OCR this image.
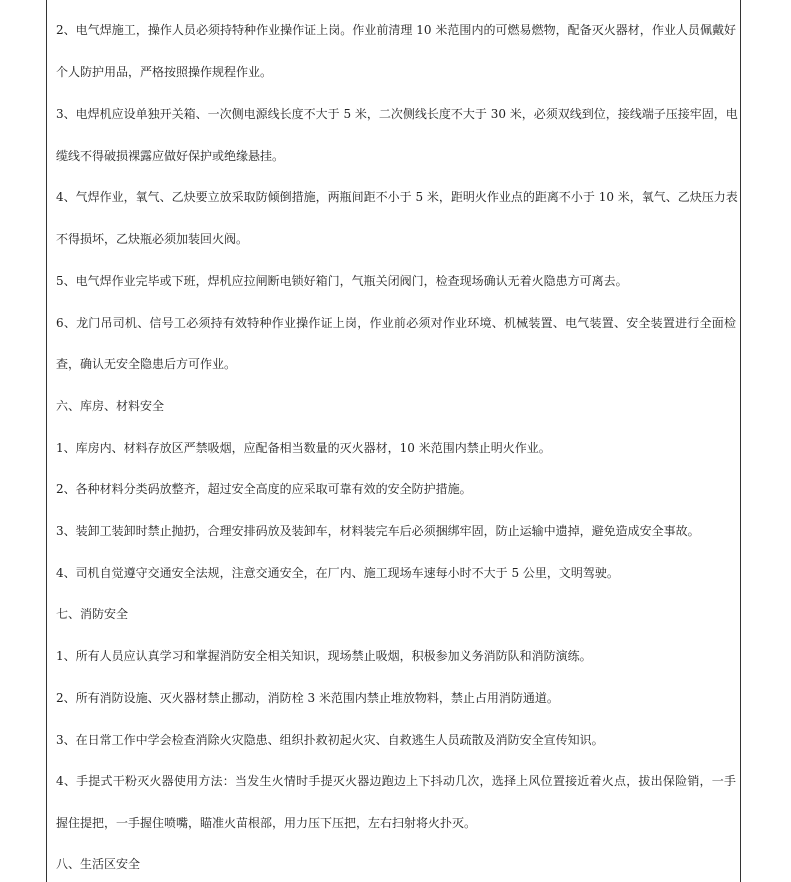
2、电气焊施工，操作人员必须持特种作业操作证上岗。作业前清理 10 米范围内的可燃易燃物，配备灭火器材，作业人员佩戴好
个人防护用品，严格按照操作规程作业。
3、电焊机应设单独开关箱、一次侧电源线长度不大于 5 米，二次侧线长度不大于 30 米，必须双线到位，接线端子压接牢固，电
缆线不得破损裸露应做好保护或绝缘悬挂。
4、气焊作业，氧气、乙炔要立放采取防倾倒措施，两瓶间距不小于 5 米，距明火作业点的距离不小于 10 米，氧气、乙炔压力表
不得损坏，乙炔瓶必须加装回火阀。
5、电气焊作业完毕或下班，焊机应拉闸断电锁好箱门，气瓶关闭阀门，检查现场确认无着火隐患方可离去。
6、龙门吊司机、信号工必须持有效特种作业操作证上岗，作业前必须对作业环境、机械装置、电气装置、安全装置进行全面检
查，确认无安全隐患后方可作业。
六、库房、材料安全
1、库房内、材料存放区严禁吸烟，应配备相当数量的灭火器材，10 米范围内禁止明火作业。
2、各种材料分类码放整齐，超过安全高度的应采取可靠有效的安全防护措施。
3、装卸工装卸时禁止抛扔，合理安排码放及装卸车，材料装完车后必须捆绑牢固，防止运输中遗掉，避免造成安全事故。
4、司机自觉遵守交通安全法规，注意交通安全，在厂内、施工现场车速每小时不大于 5 公里，文明驾驶。
七、消防安全
1、所有人员应认真学习和掌握消防安全相关知识，现场禁止吸烟，积极参加义务消防队和消防演练。
2、所有消防设施、灭火器材禁止挪动，消防栓 3 米范围内禁止堆放物料，禁止占用消防通道。
3、在日常工作中学会检查消除火灾隐患、组织扑救初起火灾、自救逃生人员疏散及消防安全宣传知识。
4、手提式干粉灭火器使用方法：当发生火情时手提灭火器边跑边上下抖动几次，选择上风位置接近着火点，拔出保险销，一手
握住提把，一手握住喷嘴，瞄准火苗根部，用力压下压把，左右扫射将火扑灭。
八、生活区安全
